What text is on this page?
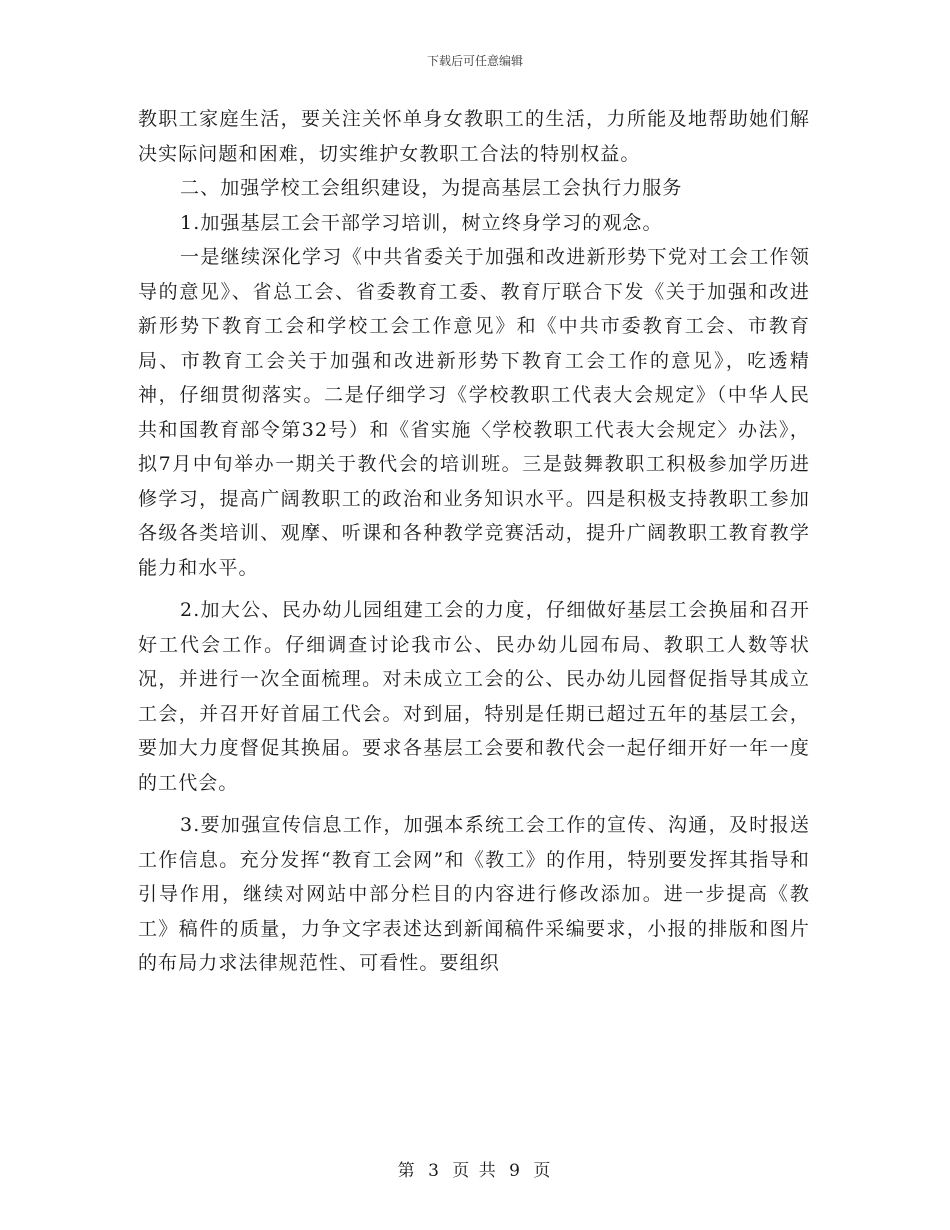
下载后可任意编辑

教职工家庭生活，要关注关怀单身女教职工的生活，力所能及地帮助她们解决实际问题和困难，切实维护女教职工合法的特别权益。

二、加强学校工会组织建设，为提高基层工会执行力服务

1.加强基层工会干部学习培训，树立终身学习的观念。

一是继续深化学习《中共省委关于加强和改进新形势下党对工会工作领导的意见》、省总工会、省委教育工委、教育厅联合下发《关于加强和改进新形势下教育工会和学校工会工作意见》和《中共市委教育工会、市教育局、市教育工会关于加强和改进新形势下教育工会工作的意见》，吃透精神，仔细贯彻落实。二是仔细学习《学校教职工代表大会规定》（中华人民共和国教育部令第32号）和《省实施〈学校教职工代表大会规定〉办法》，拟7月中旬举办一期关于教代会的培训班。三是鼓舞教职工积极参加学历进修学习，提高广阔教职工的政治和业务知识水平。四是积极支持教职工参加各级各类培训、观摩、听课和各种教学竞赛活动，提升广阔教职工教育教学能力和水平。

2.加大公、民办幼儿园组建工会的力度，仔细做好基层工会换届和召开好工代会工作。仔细调查讨论我市公、民办幼儿园布局、教职工人数等状况，并进行一次全面梳理。对未成立工会的公、民办幼儿园督促指导其成立工会，并召开好首届工代会。对到届，特别是任期已超过五年的基层工会，要加大力度督促其换届。要求各基层工会要和教代会一起仔细开好一年一度的工代会。

3.要加强宣传信息工作，加强本系统工会工作的宣传、沟通，及时报送工作信息。充分发挥“教育工会网”和《教工》的作用，特别要发挥其指导和引导作用，继续对网站中部分栏目的内容进行修改添加。进一步提高《教工》稿件的质量，力争文字表述达到新闻稿件采编要求，小报的排版和图片的布局力求法律规范性、可看性。要组织

第 3 页 共 9 页
